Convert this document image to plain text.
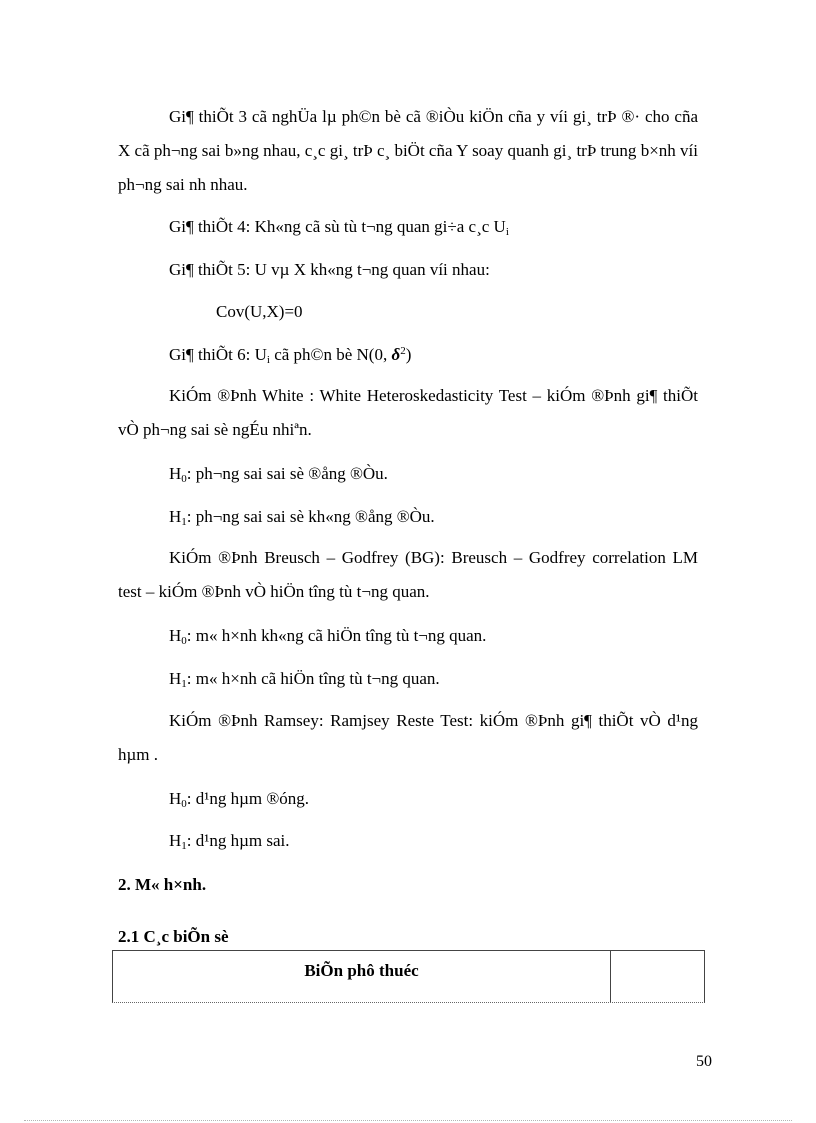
Gi¶ thiÕt 3 cã nghÜa lµ ph©n bè cã ®iÒu kiÖn cña y víi gi¸ trÞ ®· cho cña X cã ph¬ng sai b»ng nhau, c¸c gi¸ trÞ c¸ biÖt cña Y soay quanh gi¸ trÞ trung b×nh víi ph¬ng sai nh nhau.

Gi¶ thiÕt 4: Kh«ng cã sù tù t¬ng quan gi÷a c¸c $U_i$
Gi¶ thiÕt 5: U vµ X kh«ng t¬ng quan víi nhau:
Cov(U,X)=0
Gi¶ thiÕt 6: $U_i$ cã ph©n bè N(0, $\delta^2$)

KiÓm ®Þnh White : White Heteroskedasticity Test – kiÓm ®Þnh gi¶ thiÕt vÒ ph¬ng sai sè ngÉu nhiªn.

$H_0$: ph¬ng sai sai sè ®ång ®Òu.
$H_1$: ph¬ng sai sai sè kh«ng ®ång ®Òu.

KiÓm ®Þnh Breusch – Godfrey (BG): Breusch – Godfrey correlation LM test – kiÓm ®Þnh vÒ hiÖn tîng tù t¬ng quan.

$H_0$: m« h×nh kh«ng cã hiÖn tîng tù t¬ng quan.
$H_1$: m« h×nh cã hiÖn tîng tù t¬ng quan.

KiÓm ®Þnh Ramsey: Ramjsey Reste Test: kiÓm ®Þnh gi¶ thiÕt vÒ d¹ng hµm .

$H_0$: d¹ng hµm ®óng.
$H_1$: d¹ng hµm sai.
2. M« h×nh.
2.1 C¸c biÕn sè
BiÕn phô thuéc
50
